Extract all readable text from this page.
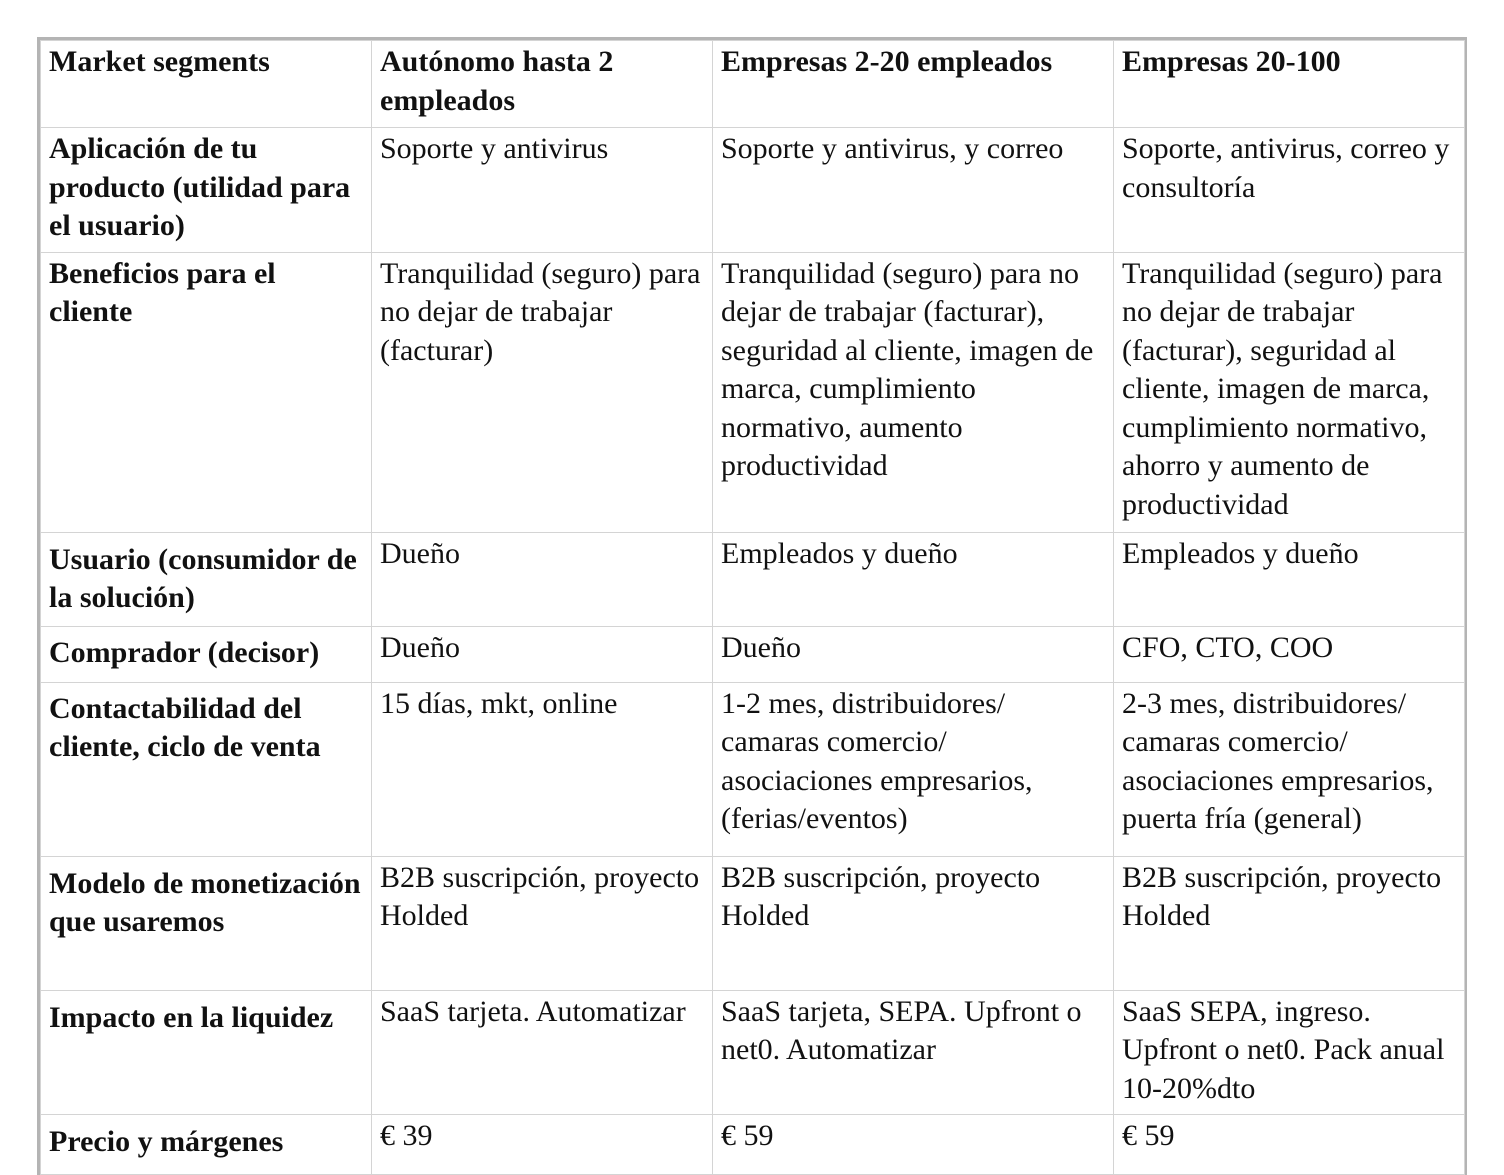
Market segments	Autónomo hasta 2 empleados	Empresas 2-20 empleados	Empresas 20-100
Aplicación de tu producto (utilidad para el usuario)	Soporte y antivirus	Soporte y antivirus, y correo	Soporte, antivirus, correo y consultoría
Beneficios para el cliente	Tranquilidad (seguro) para no dejar de trabajar (facturar)	Tranquilidad (seguro) para no dejar de trabajar (facturar), seguridad al cliente, imagen de marca, cumplimiento normativo, aumento productividad	Tranquilidad (seguro) para no dejar de trabajar (facturar), seguridad al cliente, imagen de marca, cumplimiento normativo, ahorro y aumento de productividad
Usuario (consumidor de la solución)	Dueño	Empleados y dueño	Empleados y dueño
Comprador (decisor)	Dueño	Dueño	CFO, CTO, COO
Contactabilidad del cliente, ciclo de venta	15 días, mkt, online	1-2 mes, distribuidores/ camaras comercio/ asociaciones empresarios, (ferias/eventos)	2-3 mes, distribuidores/ camaras comercio/ asociaciones empresarios, puerta fría (general)
Modelo de monetización que usaremos	B2B suscripción, proyecto Holded	B2B suscripción, proyecto Holded	B2B suscripción, proyecto Holded
Impacto en la liquidez	SaaS tarjeta. Automatizar	SaaS tarjeta, SEPA. Upfront o net0. Automatizar	SaaS SEPA, ingreso. Upfront o net0. Pack anual 10-20%dto
Precio y márgenes	€ 39	€ 59	€ 59
